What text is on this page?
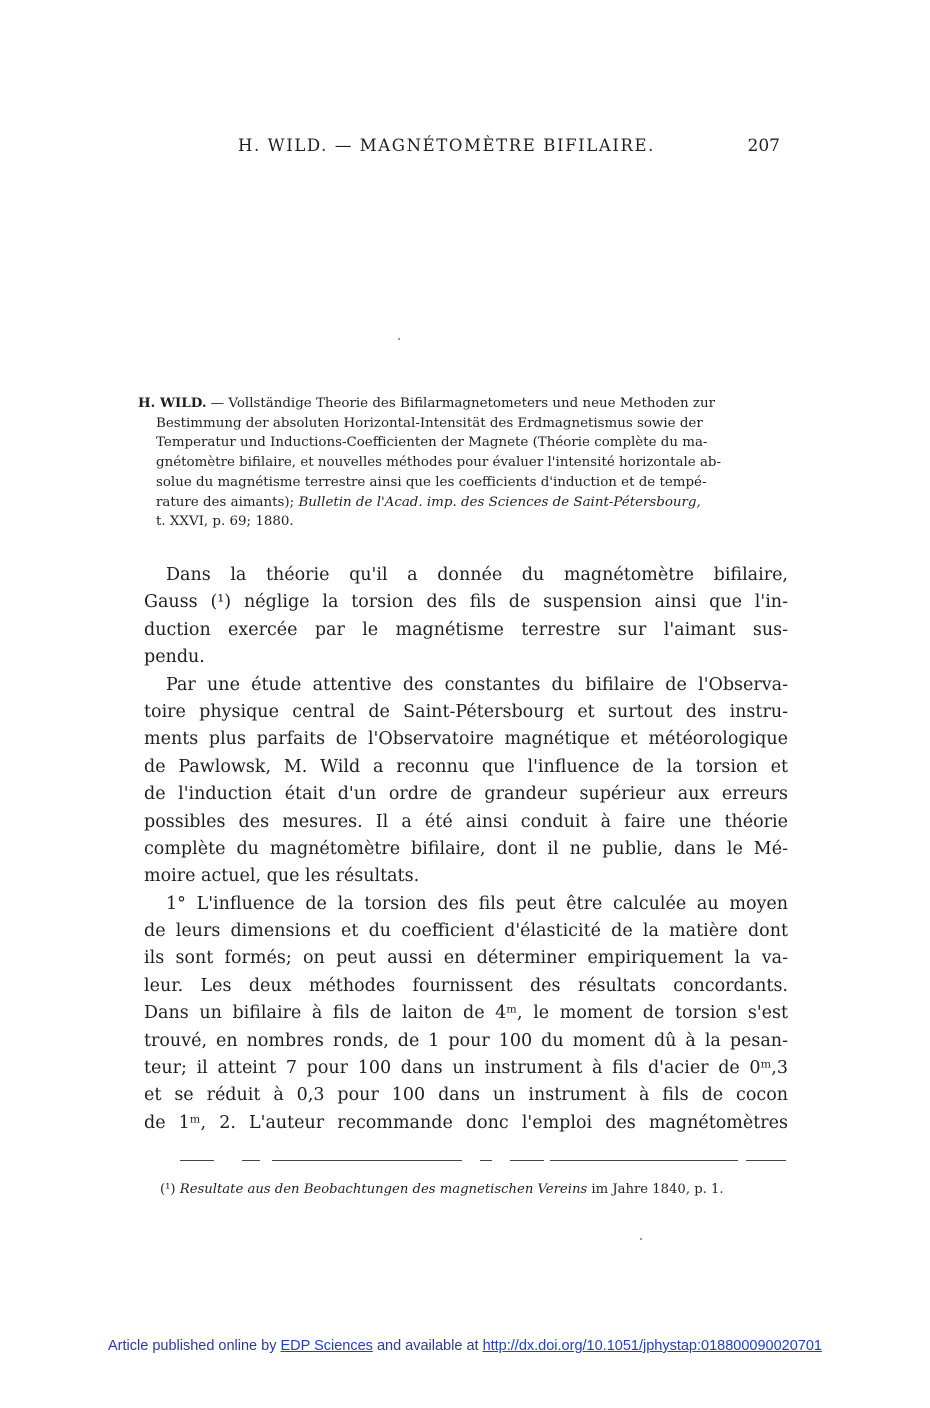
H. WILD. — MAGNÉTOMÈTRE BIFILAIRE.	207
H. WILD. — Vollständige Theorie des Bifilarmagnetometers und neue Methoden zur
Bestimmung der absoluten Horizontal-Intensität des Erdmagnetismus sowie der
Temperatur und Inductions-Coefficienten der Magnete (Théorie complète du ma-
gnétomètre bifilaire, et nouvelles méthodes pour évaluer l'intensité horizontale ab-
solue du magnétisme terrestre ainsi que les coefficients d'induction et de tempé-
rature des aimants); Bulletin de l'Acad. imp. des Sciences de Saint-Pétersbourg,
t. XXVI, p. 69; 1880.
Dans la théorie qu'il a donnée du magnétomètre bifilaire,
Gauss (¹) néglige la torsion des fils de suspension ainsi que l'in-
duction exercée par le magnétisme terrestre sur l'aimant sus-
pendu.
Par une étude attentive des constantes du bifilaire de l'Observa-
toire physique central de Saint-Pétersbourg et surtout des instru-
ments plus parfaits de l'Observatoire magnétique et météorologique
de Pawlowsk, M. Wild a reconnu que l'influence de la torsion et
de l'induction était d'un ordre de grandeur supérieur aux erreurs
possibles des mesures. Il a été ainsi conduit à faire une théorie
complète du magnétomètre bifilaire, dont il ne publie, dans le Mé-
moire actuel, que les résultats.
1° L'influence de la torsion des fils peut être calculée au moyen
de leurs dimensions et du coefficient d'élasticité de la matière dont
ils sont formés; on peut aussi en déterminer empiriquement la va-
leur. Les deux méthodes fournissent des résultats concordants.
Dans un bifilaire à fils de laiton de 4ᵐ, le moment de torsion s'est
trouvé, en nombres ronds, de 1 pour 100 du moment dû à la pesan-
teur; il atteint 7 pour 100 dans un instrument à fils d'acier de 0ᵐ,3
et se réduit à 0,3 pour 100 dans un instrument à fils de cocon
de 1ᵐ, 2. L'auteur recommande donc l'emploi des magnétomètres
(¹) Resultate aus den Beobachtungen des magnetischen Vereins im Jahre 1840, p. 1.
Article published online by EDP Sciences and available at http://dx.doi.org/10.1051/jphystap:018800090020701
